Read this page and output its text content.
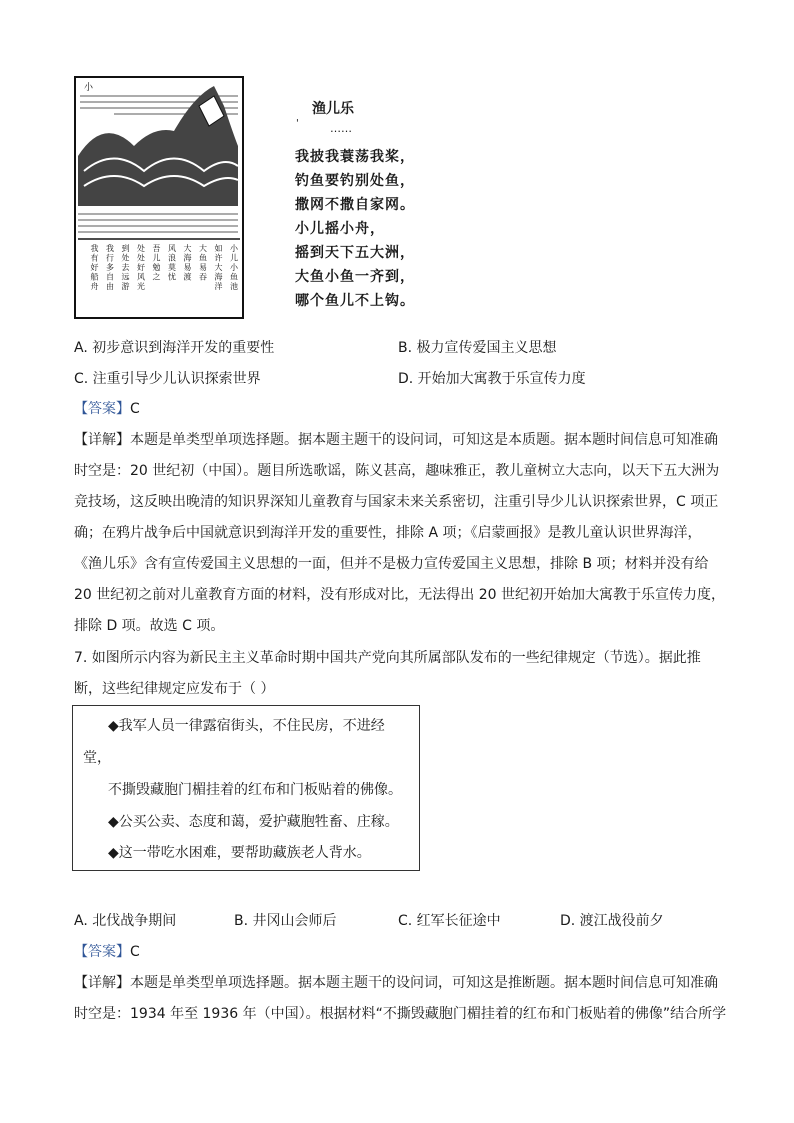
小
小
儿
小
鱼
池
如
许
大
海
洋
大
鱼
易
吞
大
海
易
渡
风
浪
莫
忧
吾
儿
勉
之
处
处
好
风
光
到
处
去
远
游
我
行
多
自
由
我
有
好
船
舟
渔儿乐
'	……
我披我蓑荡我桨，
钓鱼要钓别处鱼，
撒网不撒自家网。
小儿摇小舟，
摇到天下五大洲，
大鱼小鱼一齐到，
哪个鱼儿不上钩。
A. 初步意识到海洋开发的重要性	B. 极力宣传爱国主义思想
C. 注重引导少儿认识探索世界	D. 开始加大寓教于乐宣传力度
【答案】C
【详解】本题是单类型单项选择题。据本题主题干的设问词，可知这是本质题。据本题时间信息可知准确
时空是：20 世纪初（中国）。题目所选歌谣，陈义甚高，趣味雅正，教儿童树立大志向，以天下五大洲为
竞技场，这反映出晚清的知识界深知儿童教育与国家未来关系密切，注重引导少儿认识探索世界，C 项正
确；在鸦片战争后中国就意识到海洋开发的重要性，排除 A 项；《启蒙画报》是教儿童认识世界海洋，
《渔儿乐》含有宣传爱国主义思想的一面，但并不是极力宣传爱国主义思想，排除 B 项；材料并没有给
20 世纪初之前对儿童教育方面的材料，没有形成对比，无法得出 20 世纪初开始加大寓教于乐宣传力度，
排除 D 项。故选 C 项。
7. 如图所示内容为新民主主义革命时期中国共产党向其所属部队发布的一些纪律规定（节选）。据此推
断，这些纪律规定应发布于（ ）
◆我军人员一律露宿街头，不住民房，不进经
堂，
不撕毁藏胞门楣挂着的红布和门板贴着的佛像。
◆公买公卖、态度和蔼，爱护藏胞牲畜、庄稼。
◆这一带吃水困难，要帮助藏族老人背水。
A. 北伐战争期间	B. 井冈山会师后	C. 红军长征途中	D. 渡江战役前夕
【答案】C
【详解】本题是单类型单项选择题。据本题主题干的设问词，可知这是推断题。据本题时间信息可知准确
时空是：1934 年至 1936 年（中国）。根据材料“不撕毁藏胞门楣挂着的红布和门板贴着的佛像”结合所学
